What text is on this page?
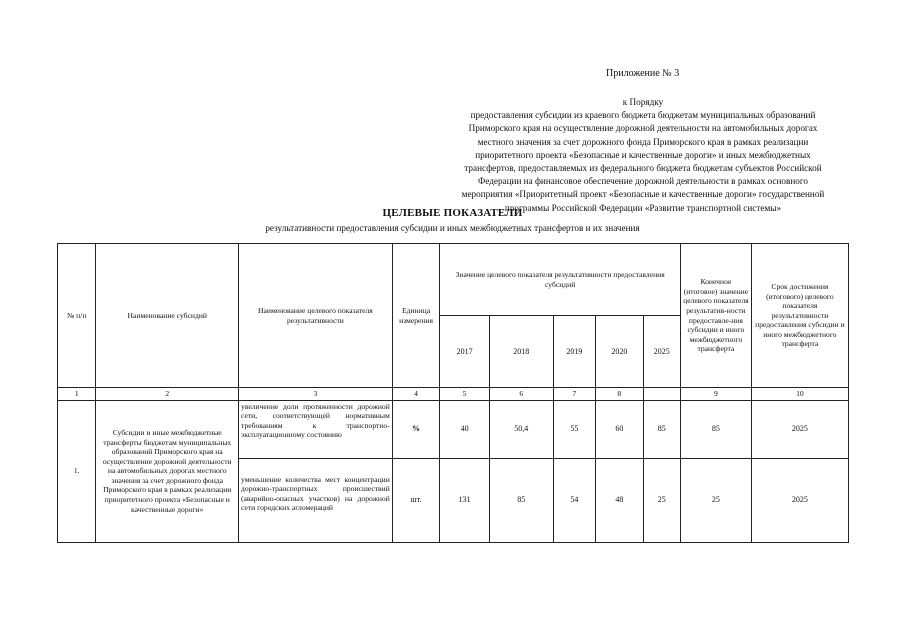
Приложение № 3
к Порядку
предоставления субсидии из краевого бюджета бюджетам муниципальных образований
Приморского края на осуществление дорожной деятельности на автомобильных дорогах
местного значения за счет дорожного фонда Приморского края в рамках реализации
приоритетного проекта «Безопасные и качественные дороги» и иных межбюджетных
трансфертов, предоставляемых из федерального бюджета бюджетам субъектов Российской
Федерации на финансовое обеспечение дорожной деятельности в рамках основного
мероприятия «Приоритетный проект «Безопасные и качественные дороги» государственной
программы Российской Федерации «Развитие транспортной системы»
ЦЕЛЕВЫЕ ПОКАЗАТЕЛИ
результативности предоставления субсидии и иных межбюджетных трансфертов и их значения
№ п/п	Наименование субсидий	Наименование целевого показателя результативности	Единица измерения	Значение целевого показателя результативности предоставления субсидий					Конечное (итоговое) значение целевого показателя результатив-ности предоставле-ния субсидии и иного межбюджетного трансферта	Срок достижения (итогового) целевого показателя результативности предоставления субсидии и иного межбюджетного трансферта
				2017	2018	2019	2020	2025		
1	2	3	4	5	6	7	8		9	10
1.	Субсидии и иные межбюджетные трансферты бюджетам муниципальных образований Приморского края на осуществление дорожной деятельности на автомобильных дорогах местного значения за счет дорожного фонда Приморского края в рамках реализации приоритетного проекта «Безопасные и качественные дороги»	увеличение доли протяженности дорожной сети, соответствующей нормативным требованиям к транспортно-эксплуатационному состоянию	%	40	50,4	55	60	85	85	2025
		уменьшение количества мест концентрации дорожно-транспортных происшествий (аварийно-опасных участков) на дорожной сети городских агломераций	шт.	131	85	54	48	25	25	2025
